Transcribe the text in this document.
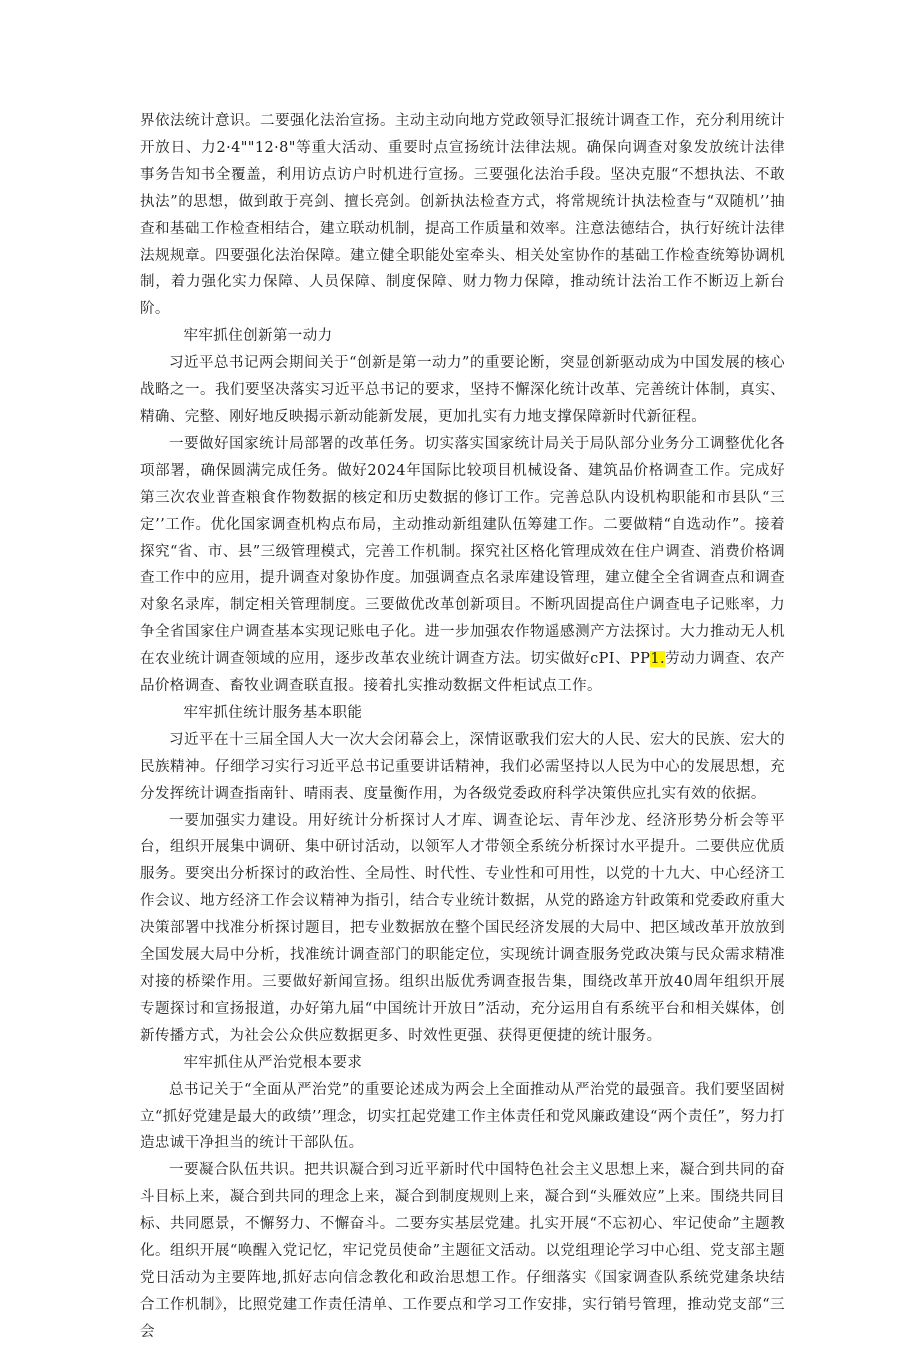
界依法统计意识。二要强化法治宣扬。主动主动向地方党政领导汇报统计调查工作，充分利用统计开放日、力2·4""12·8"等重大活动、重要时点宣扬统计法律法规。确保向调查对象发放统计法律事务告知书全覆盖，利用访点访户时机进行宣扬。三要强化法治手段。坚决克服“不想执法、不敢执法”的思想，做到敢于亮剑、擅长亮剑。创新执法检查方式，将常规统计执法检查与“双随机’’抽查和基础工作检查相结合，建立联动机制，提高工作质量和效率。注意法德结合，执行好统计法律法规规章。四要强化法治保障。建立健全职能处室牵头、相关处室协作的基础工作检查统筹协调机制，着力强化实力保障、人员保障、制度保障、财力物力保障，推动统计法治工作不断迈上新台阶。

牢牢抓住创新第一动力

习近平总书记两会期间关于“创新是第一动力”的重要论断，突显创新驱动成为中国发展的核心战略之一。我们要坚决落实习近平总书记的要求，坚持不懈深化统计改革、完善统计体制，真实、精确、完整、刚好地反映揭示新动能新发展，更加扎实有力地支撑保障新时代新征程。

一要做好国家统计局部署的改革任务。切实落实国家统计局关于局队部分业务分工调整优化各项部署，确保圆满完成任务。做好2024年国际比较项目机械设备、建筑品价格调查工作。完成好第三次农业普查粮食作物数据的核定和历史数据的修订工作。完善总队内设机构职能和市县队“三定’’工作。优化国家调查机构点布局，主动推动新组建队伍筹建工作。二要做精“自选动作”。接着探究“省、市、县”三级管理模式，完善工作机制。探究社区格化管理成效在住户调查、消费价格调查工作中的应用，提升调查对象协作度。加强调查点名录库建设管理，建立健全全省调查点和调查对象名录库，制定相关管理制度。三要做优改革创新项目。不断巩固提高住户调查电子记账率，力争全省国家住户调查基本实现记账电子化。进一步加强农作物遥感测产方法探讨。大力推动无人机在农业统计调查领域的应用，逐步改革农业统计调查方法。切实做好cPI、PP1.劳动力调查、农产品价格调查、畜牧业调查联直报。接着扎实推动数据文件柜试点工作。

牢牢抓住统计服务基本职能

习近平在十三届全国人大一次大会闭幕会上，深情讴歌我们宏大的人民、宏大的民族、宏大的民族精神。仔细学习实行习近平总书记重要讲话精神，我们必需坚持以人民为中心的发展思想，充分发挥统计调查指南针、晴雨表、度量衡作用，为各级党委政府科学决策供应扎实有效的依据。

一要加强实力建设。用好统计分析探讨人才库、调查论坛、青年沙龙、经济形势分析会等平台，组织开展集中调研、集中研讨活动，以领军人才带领全系统分析探讨水平提升。二要供应优质服务。要突出分析探讨的政治性、全局性、时代性、专业性和可用性，以党的十九大、中心经济工作会议、地方经济工作会议精神为指引，结合专业统计数据，从党的路途方针政策和党委政府重大决策部署中找准分析探讨题目，把专业数据放在整个国民经济发展的大局中、把区域改革开放放到全国发展大局中分析，找准统计调查部门的职能定位，实现统计调查服务党政决策与民众需求精准对接的桥梁作用。三要做好新闻宣扬。组织出版优秀调查报告集，围绕改革开放40周年组织开展专题探讨和宣扬报道，办好第九届“中国统计开放日”活动，充分运用自有系统平台和相关媒体，创新传播方式，为社会公众供应数据更多、时效性更强、获得更便捷的统计服务。

牢牢抓住从严治党根本要求

总书记关于“全面从严治党”的重要论述成为两会上全面推动从严治党的最强音。我们要坚固树立“抓好党建是最大的政绩’’理念，切实扛起党建工作主体责任和党风廉政建设“两个责任”，努力打造忠诚干净担当的统计干部队伍。

一要凝合队伍共识。把共识凝合到习近平新时代中国特色社会主义思想上来，凝合到共同的奋斗目标上来，凝合到共同的理念上来，凝合到制度规则上来，凝合到“头雁效应”上来。围绕共同目标、共同愿景，不懈努力、不懈奋斗。二要夯实基层党建。扎实开展“不忘初心、牢记使命”主题教化。组织开展“唤醒入党记忆，牢记党员使命”主题征文活动。以党组理论学习中心组、党支部主题党日活动为主要阵地,抓好志向信念教化和政治思想工作。仔细落实《国家调查队系统党建条块结合工作机制》，比照党建工作责任清单、工作要点和学习工作安排，实行销号管理，推动党支部“三会
